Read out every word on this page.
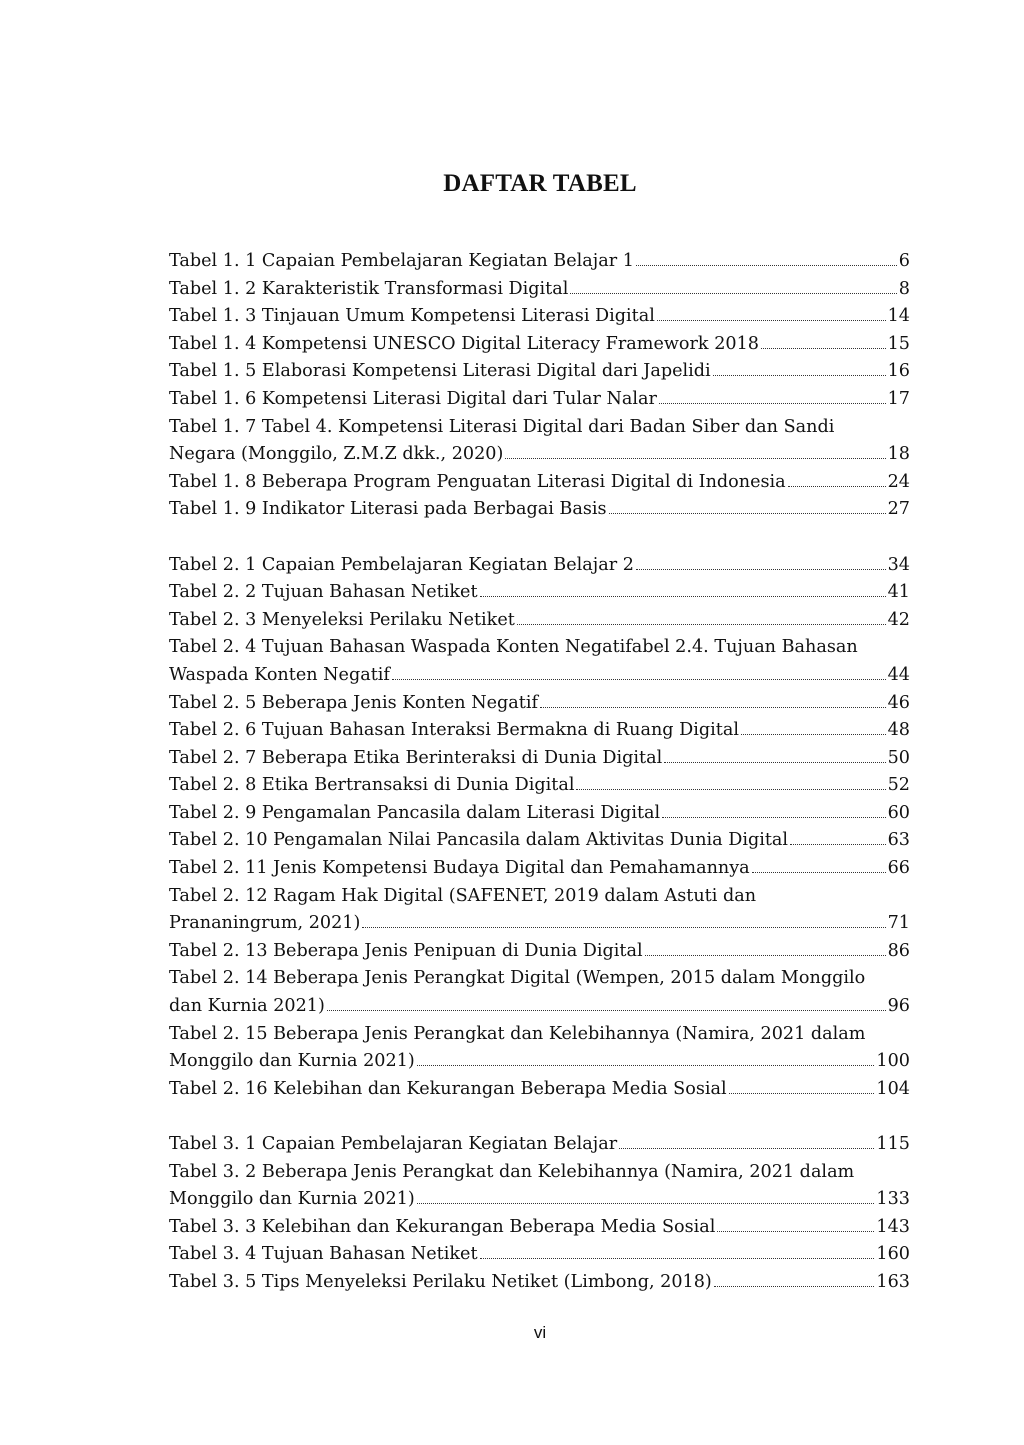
DAFTAR TABEL
Tabel 1. 1 Capaian Pembelajaran Kegiatan Belajar 1	6
Tabel 1. 2 Karakteristik Transformasi Digital	8
Tabel 1. 3 Tinjauan Umum Kompetensi Literasi Digital	14
Tabel 1. 4 Kompetensi UNESCO Digital Literacy Framework 2018	15
Tabel 1. 5 Elaborasi Kompetensi Literasi Digital dari Japelidi	16
Tabel 1. 6 Kompetensi Literasi Digital dari Tular Nalar	17
Tabel 1. 7 Tabel 4. Kompetensi Literasi Digital dari Badan Siber dan Sandi
Negara (Monggilo, Z.M.Z dkk., 2020)	18
Tabel 1. 8 Beberapa Program Penguatan Literasi Digital di Indonesia	24
Tabel 1. 9 Indikator Literasi pada Berbagai Basis	27
Tabel 2. 1 Capaian Pembelajaran Kegiatan Belajar 2	34
Tabel 2. 2 Tujuan Bahasan Netiket	41
Tabel 2. 3 Menyeleksi Perilaku Netiket	42
Tabel 2. 4 Tujuan Bahasan Waspada Konten Negatifabel 2.4. Tujuan Bahasan
Waspada Konten Negatif	44
Tabel 2. 5 Beberapa Jenis Konten Negatif	46
Tabel 2. 6 Tujuan Bahasan Interaksi Bermakna di Ruang Digital	48
Tabel 2. 7 Beberapa Etika Berinteraksi di Dunia Digital	50
Tabel 2. 8 Etika Bertransaksi di Dunia Digital	52
Tabel 2. 9 Pengamalan Pancasila dalam Literasi Digital	60
Tabel 2. 10 Pengamalan Nilai Pancasila dalam Aktivitas Dunia Digital	63
Tabel 2. 11 Jenis Kompetensi Budaya Digital dan Pemahamannya	66
Tabel 2. 12 Ragam Hak Digital (SAFENET, 2019 dalam Astuti dan
Prananingrum, 2021)	71
Tabel 2. 13 Beberapa Jenis Penipuan di Dunia Digital	86
Tabel 2. 14 Beberapa Jenis Perangkat Digital (Wempen, 2015 dalam Monggilo
dan Kurnia 2021)	96
Tabel 2. 15 Beberapa Jenis Perangkat dan Kelebihannya (Namira, 2021 dalam
Monggilo dan Kurnia 2021)	100
Tabel 2. 16 Kelebihan dan Kekurangan Beberapa Media Sosial	104
Tabel 3. 1 Capaian Pembelajaran Kegiatan Belajar	115
Tabel 3. 2 Beberapa Jenis Perangkat dan Kelebihannya (Namira, 2021 dalam
Monggilo dan Kurnia 2021)	133
Tabel 3. 3 Kelebihan dan Kekurangan Beberapa Media Sosial	143
Tabel 3. 4 Tujuan Bahasan Netiket	160
Tabel 3. 5 Tips Menyeleksi Perilaku Netiket (Limbong, 2018)	163
vi
